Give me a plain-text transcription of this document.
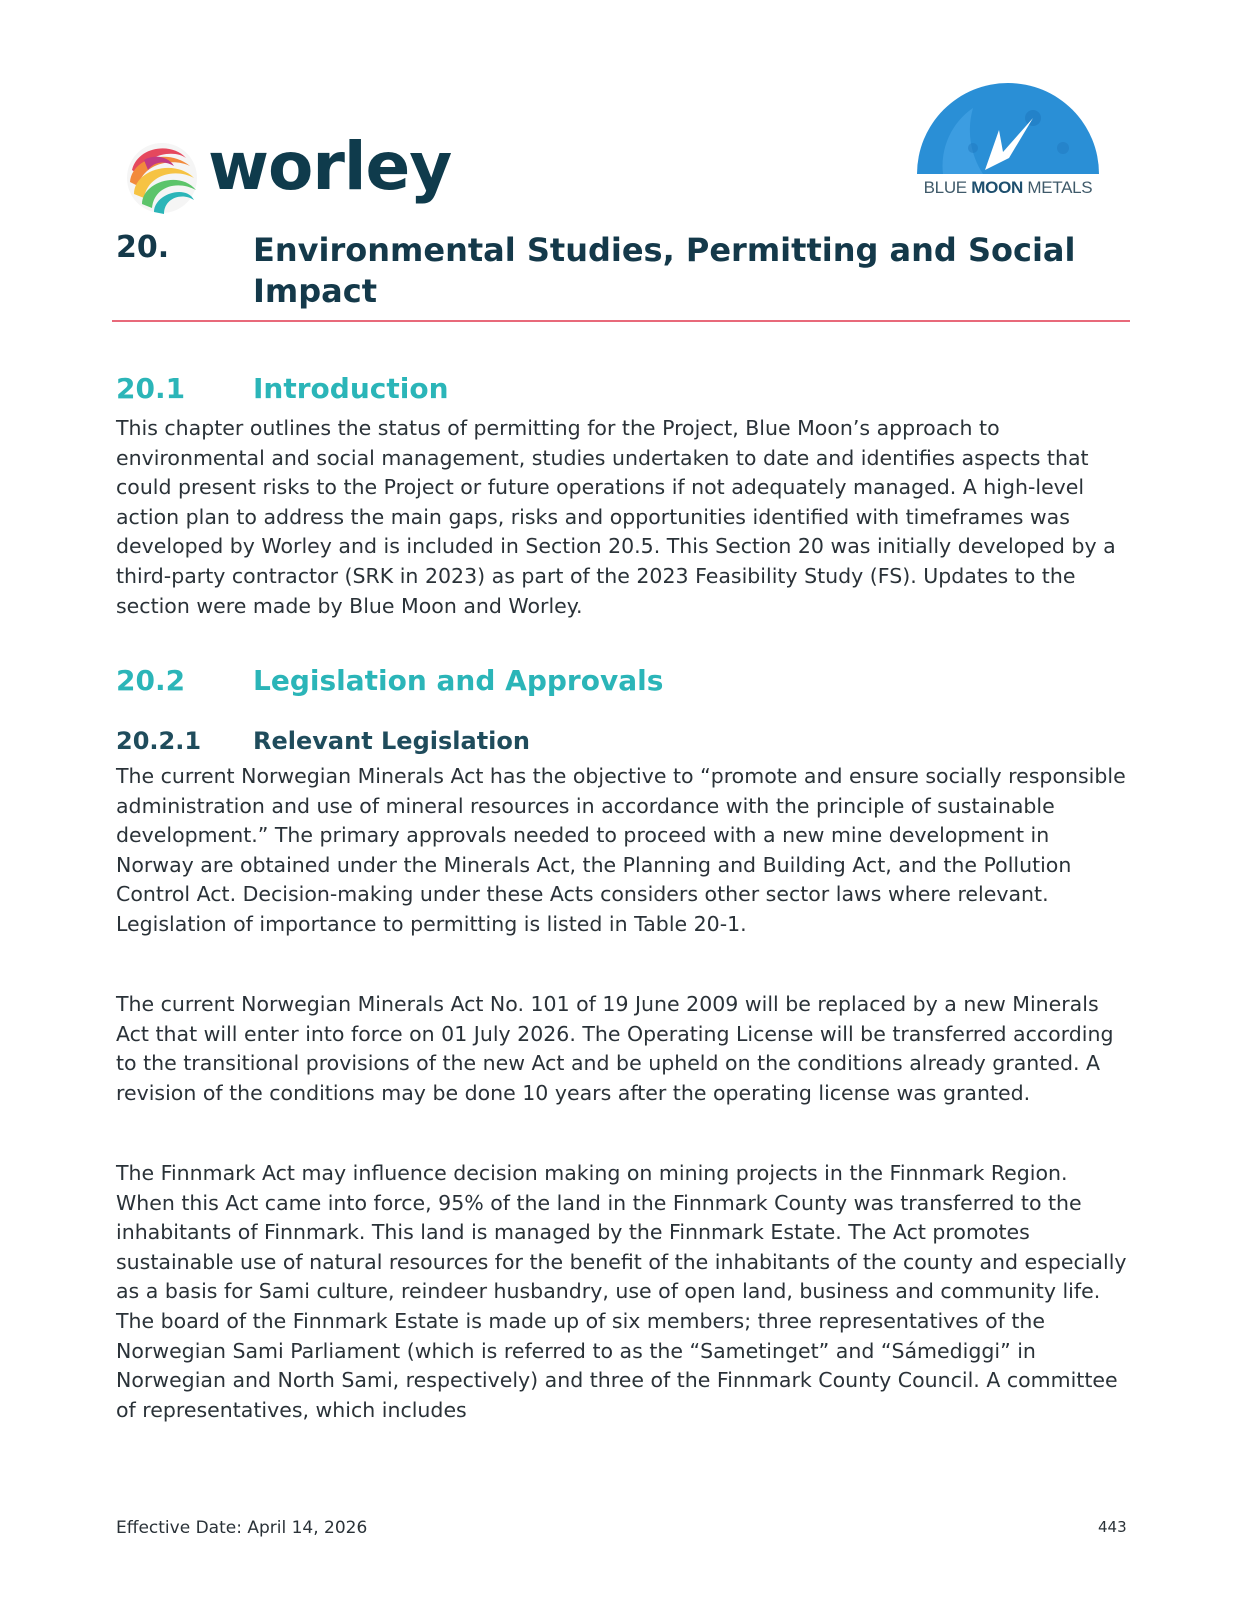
worley	BLUE MOON METALS
20.	Environmental Studies, Permitting and Social Impact
20.1 Introduction

This chapter outlines the status of permitting for the Project, Blue Moon’s approach to environmental and social management, studies undertaken to date and identifies aspects that could present risks to the Project or future operations if not adequately managed. A high-level action plan to address the main gaps, risks and opportunities identified with timeframes was developed by Worley and is included in Section 20.5. This Section 20 was initially developed by a third-party contractor (SRK in 2023) as part of the 2023 Feasibility Study (FS). Updates to the section were made by Blue Moon and Worley.

20.2 Legislation and Approvals
20.2.1 Relevant Legislation

The current Norwegian Minerals Act has the objective to “promote and ensure socially responsible administration and use of mineral resources in accordance with the principle of sustainable development.” The primary approvals needed to proceed with a new mine development in Norway are obtained under the Minerals Act, the Planning and Building Act, and the Pollution Control Act. Decision-making under these Acts considers other sector laws where relevant. Legislation of importance to permitting is listed in Table 20-1.

The current Norwegian Minerals Act No. 101 of 19 June 2009 will be replaced by a new Minerals Act that will enter into force on 01 July 2026. The Operating License will be transferred according to the transitional provisions of the new Act and be upheld on the conditions already granted. A revision of the conditions may be done 10 years after the operating license was granted.

The Finnmark Act may influence decision making on mining projects in the Finnmark Region. When this Act came into force, 95% of the land in the Finnmark County was transferred to the inhabitants of Finnmark. This land is managed by the Finnmark Estate. The Act promotes sustainable use of natural resources for the benefit of the inhabitants of the county and especially as a basis for Sami culture, reindeer husbandry, use of open land, business and community life. The board of the Finnmark Estate is made up of six members; three representatives of the Norwegian Sami Parliament (which is referred to as the “Sametinget” and “Sámediggi” in Norwegian and North Sami, respectively) and three of the Finnmark County Council. A committee of representatives, which includes

Effective Date: April 14, 2026	443
